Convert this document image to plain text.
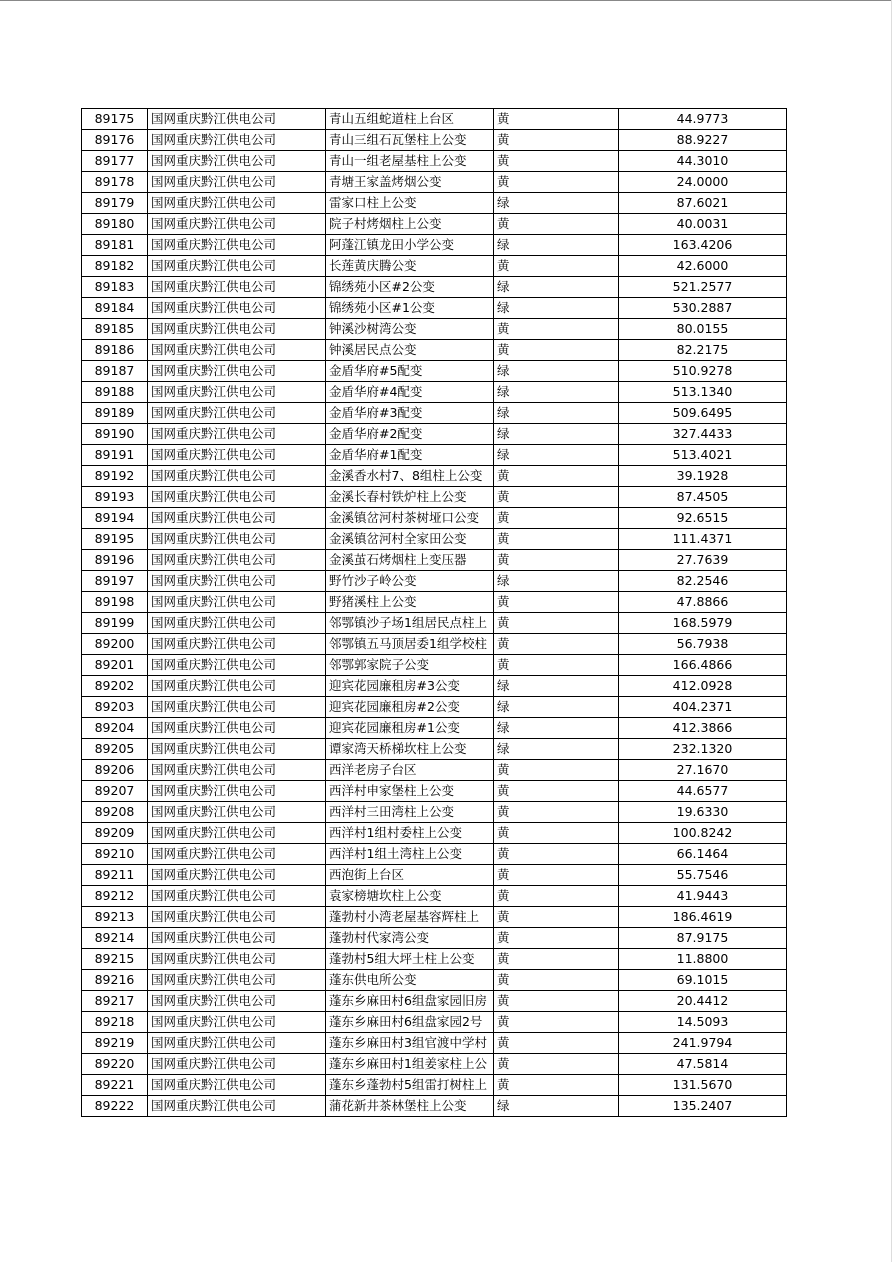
89175	国网重庆黔江供电公司	青山五组蛇道柱上台区	黄	44.9773
89176	国网重庆黔江供电公司	青山三组石瓦堡柱上公变	黄	88.9227
89177	国网重庆黔江供电公司	青山一组老屋基柱上公变	黄	44.3010
89178	国网重庆黔江供电公司	青塘王家盖烤烟公变	黄	24.0000
89179	国网重庆黔江供电公司	雷家口柱上公变	绿	87.6021
89180	国网重庆黔江供电公司	院子村烤烟柱上公变	黄	40.0031
89181	国网重庆黔江供电公司	阿蓬江镇龙田小学公变	绿	163.4206
89182	国网重庆黔江供电公司	长莲黄庆腾公变	黄	42.6000
89183	国网重庆黔江供电公司	锦绣苑小区#2公变	绿	521.2577
89184	国网重庆黔江供电公司	锦绣苑小区#1公变	绿	530.2887
89185	国网重庆黔江供电公司	钟溪沙树湾公变	黄	80.0155
89186	国网重庆黔江供电公司	钟溪居民点公变	黄	82.2175
89187	国网重庆黔江供电公司	金盾华府#5配变	绿	510.9278
89188	国网重庆黔江供电公司	金盾华府#4配变	绿	513.1340
89189	国网重庆黔江供电公司	金盾华府#3配变	绿	509.6495
89190	国网重庆黔江供电公司	金盾华府#2配变	绿	327.4433
89191	国网重庆黔江供电公司	金盾华府#1配变	绿	513.4021
89192	国网重庆黔江供电公司	金溪香水村7、8组柱上公变	黄	39.1928
89193	国网重庆黔江供电公司	金溪长春村铁炉柱上公变	黄	87.4505
89194	国网重庆黔江供电公司	金溪镇岔河村茶树垭口公变	黄	92.6515
89195	国网重庆黔江供电公司	金溪镇岔河村全家田公变	黄	111.4371
89196	国网重庆黔江供电公司	金溪茧石烤烟柱上变压器	黄	27.7639
89197	国网重庆黔江供电公司	野竹沙子岭公变	绿	82.2546
89198	国网重庆黔江供电公司	野猪溪柱上公变	黄	47.8866
89199	国网重庆黔江供电公司	邻鄂镇沙子场1组居民点柱上	黄	168.5979
89200	国网重庆黔江供电公司	邻鄂镇五马顶居委1组学校柱	黄	56.7938
89201	国网重庆黔江供电公司	邻鄂郭家院子公变	黄	166.4866
89202	国网重庆黔江供电公司	迎宾花园廉租房#3公变	绿	412.0928
89203	国网重庆黔江供电公司	迎宾花园廉租房#2公变	绿	404.2371
89204	国网重庆黔江供电公司	迎宾花园廉租房#1公变	绿	412.3866
89205	国网重庆黔江供电公司	谭家湾天桥梯坎柱上公变	绿	232.1320
89206	国网重庆黔江供电公司	西洋老房子台区	黄	27.1670
89207	国网重庆黔江供电公司	西洋村申家堡柱上公变	黄	44.6577
89208	国网重庆黔江供电公司	西洋村三田湾柱上公变	黄	19.6330
89209	国网重庆黔江供电公司	西洋村1组村委柱上公变	黄	100.8242
89210	国网重庆黔江供电公司	西洋村1组土湾柱上公变	黄	66.1464
89211	国网重庆黔江供电公司	西泡街上台区	黄	55.7546
89212	国网重庆黔江供电公司	袁家榜塘坎柱上公变	黄	41.9443
89213	国网重庆黔江供电公司	蓬勃村小湾老屋基容辉柱上	黄	186.4619
89214	国网重庆黔江供电公司	蓬勃村代家湾公变	黄	87.9175
89215	国网重庆黔江供电公司	蓬勃村5组大坪土柱上公变	黄	11.8800
89216	国网重庆黔江供电公司	蓬东供电所公变	黄	69.1015
89217	国网重庆黔江供电公司	蓬东乡麻田村6组盘家园旧房	黄	20.4412
89218	国网重庆黔江供电公司	蓬东乡麻田村6组盘家园2号	黄	14.5093
89219	国网重庆黔江供电公司	蓬东乡麻田村3组官渡中学村	黄	241.9794
89220	国网重庆黔江供电公司	蓬东乡麻田村1组姜家柱上公	黄	47.5814
89221	国网重庆黔江供电公司	蓬东乡蓬勃村5组雷打树柱上	黄	131.5670
89222	国网重庆黔江供电公司	蒲花新井茶林堡柱上公变	绿	135.2407
